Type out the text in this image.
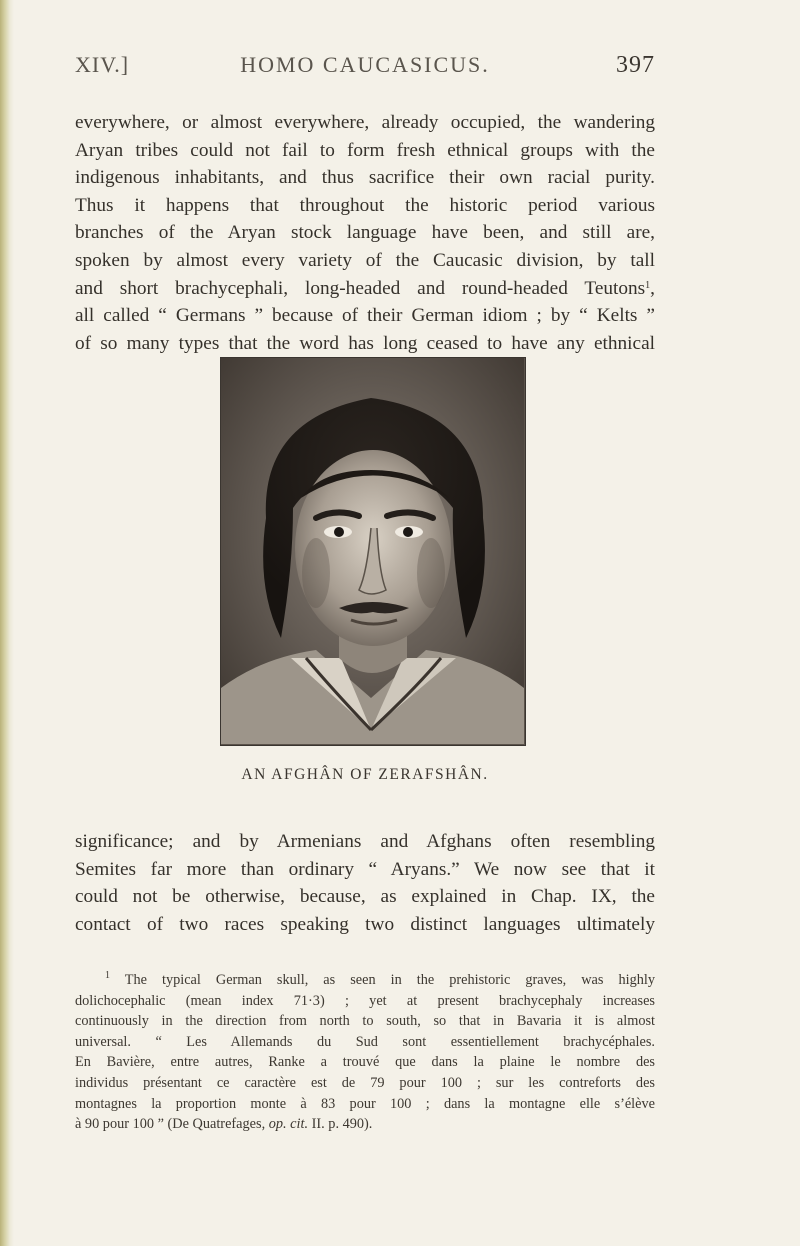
XIV.]	HOMO CAUCASICUS.	397
everywhere, or almost everywhere, already occupied, the wandering
Aryan tribes could not fail to form fresh ethnical groups with the
indigenous inhabitants, and thus sacrifice their own racial purity.
Thus it happens that throughout the historic period various
branches of the Aryan stock language have been, and still are,
spoken by almost every variety of the Caucasic division, by tall
and short brachycephali, long-headed and round-headed Teutons$^1$,
all called “ Germans ” because of their German idiom ; by “ Kelts ”
of so many types that the word has long ceased to have any ethnical
AN AFGHÂN OF ZERAFSHÂN.
significance; and by Armenians and Afghans often resembling
Semites far more than ordinary “ Aryans.” We now see that it
could not be otherwise, because, as explained in Chap. IX, the
contact of two races speaking two distinct languages ultimately
$^1$ The typical German skull, as seen in the prehistoric graves, was highly
dolichocephalic (mean index 71·3) ; yet at present brachycephaly increases
continuously in the direction from north to south, so that in Bavaria it is almost
universal. “ Les Allemands du Sud sont essentiellement brachycéphales.
En Bavière, entre autres, Ranke a trouvé que dans la plaine le nombre des
individus présentant ce caractère est de 79 pour 100 ; sur les contreforts des
montagnes la proportion monte à 83 pour 100 ; dans la montagne elle s’élève
à 90 pour 100 ” (De Quatrefages, op. cit. II. p. 490).
